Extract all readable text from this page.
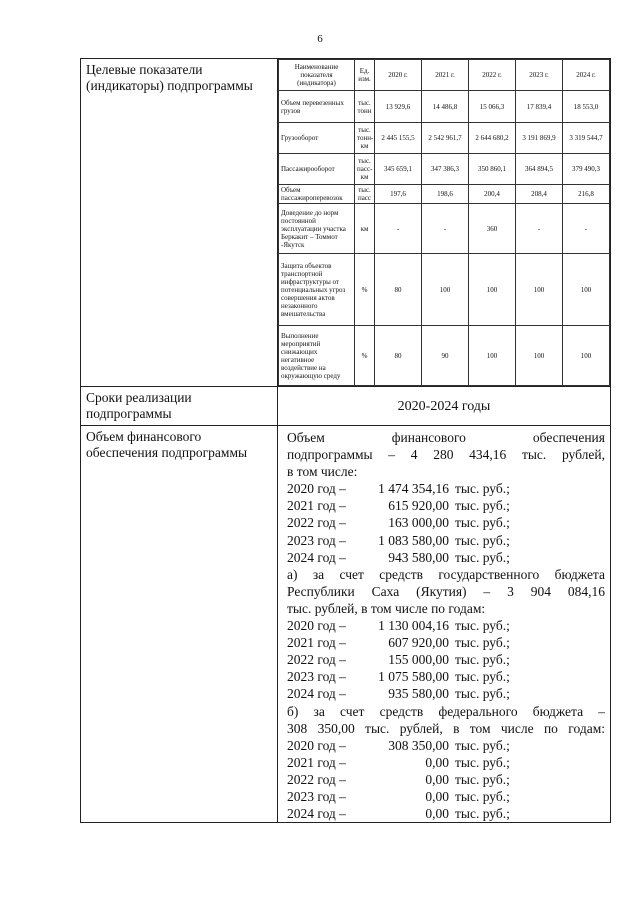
6
Целевые показатели (индикаторы) подпрограммы	
Наименование показателя (индикатора)	Ед. изм.	2020 г.	2021 г.	2022 г.	2023 г.	2024 г.
Объем перевезенных грузов	тыс. тонн	13 929,6	14 486,8	15 066,3	17 839,4	18 553,0
Грузооборот	тыс. тонн-км	2 445 155,5	2 542 961,7	2 644 680,2	3 191 869,9	3 319 544,7
Пассажирооборот	тыс. пасс-км	345 659,1	347 386,3	350 860,1	364 894,5	379 490,3
Объем пассажироперевозок	тыс. пасс	197,6	198,6	200,4	208,4	216,8
Доведение до норм постоянной эксплуатации участка Беркакит – Томмот -Якутск	км	-	-	360	-	-
Защита объектов транспортной инфраструктуры от потенциальных угроз совершения актов незаконного вмешательства	%	80	100	100	100	100
Выполнение мероприятий снижающих негативное воздействие на окружающую среду	%	80	90	100	100	100

Сроки реализации подпрограммы	2020-2024 годы
Объем финансового обеспечения подпрограммы	

Объем финансового обеспечения

подпрограммы – 4 280 434,16 тыс. рублей,

в том числе:

2020 год –	1 474 354,16 тыс. руб.;
2021 год –	615 920,00 тыс. руб.;
2022 год –	163 000,00 тыс. руб.;
2023 год –	1 083 580,00 тыс. руб.;
2024 год –	943 580,00 тыс. руб.;

а) за счет средств государственного бюджета

Республики Саха (Якутия) – 3 904 084,16

тыс. рублей, в том числе по годам:

2020 год –	1 130 004,16 тыс. руб.;
2021 год –	607 920,00 тыс. руб.;
2022 год –	155 000,00 тыс. руб.;
2023 год –	1 075 580,00 тыс. руб.;
2024 год –	935 580,00 тыс. руб.;

б) за счет средств федерального бюджета –

308 350,00 тыс. рублей, в том числе по годам:

2020 год –	308 350,00 тыс. руб.;
2021 год –	0,00 тыс. руб.;
2022 год –	0,00 тыс. руб.;
2023 год –	0,00 тыс. руб.;
2024 год –	0,00 тыс. руб.;
